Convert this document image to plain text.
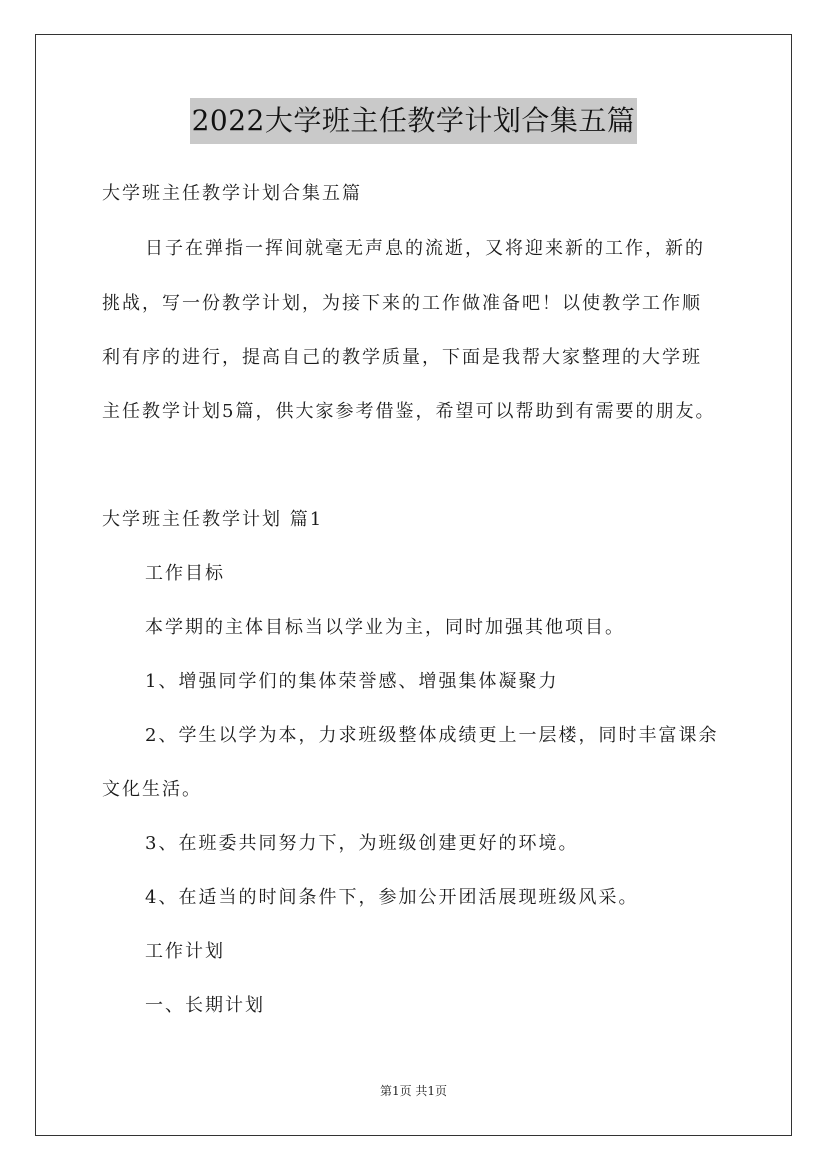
2022大学班主任教学计划合集五篇
大学班主任教学计划合集五篇
日子在弹指一挥间就毫无声息的流逝，又将迎来新的工作，新的
挑战，写一份教学计划，为接下来的工作做准备吧！以使教学工作顺
利有序的进行，提高自己的教学质量，下面是我帮大家整理的大学班
主任教学计划5篇，供大家参考借鉴，希望可以帮助到有需要的朋友。
大学班主任教学计划 篇1
工作目标
本学期的主体目标当以学业为主，同时加强其他项目。
1、增强同学们的集体荣誉感、增强集体凝聚力
2、学生以学为本，力求班级整体成绩更上一层楼，同时丰富课余
文化生活。
3、在班委共同努力下，为班级创建更好的环境。
4、在适当的时间条件下，参加公开团活展现班级风采。
工作计划
一、长期计划
第1页 共1页
